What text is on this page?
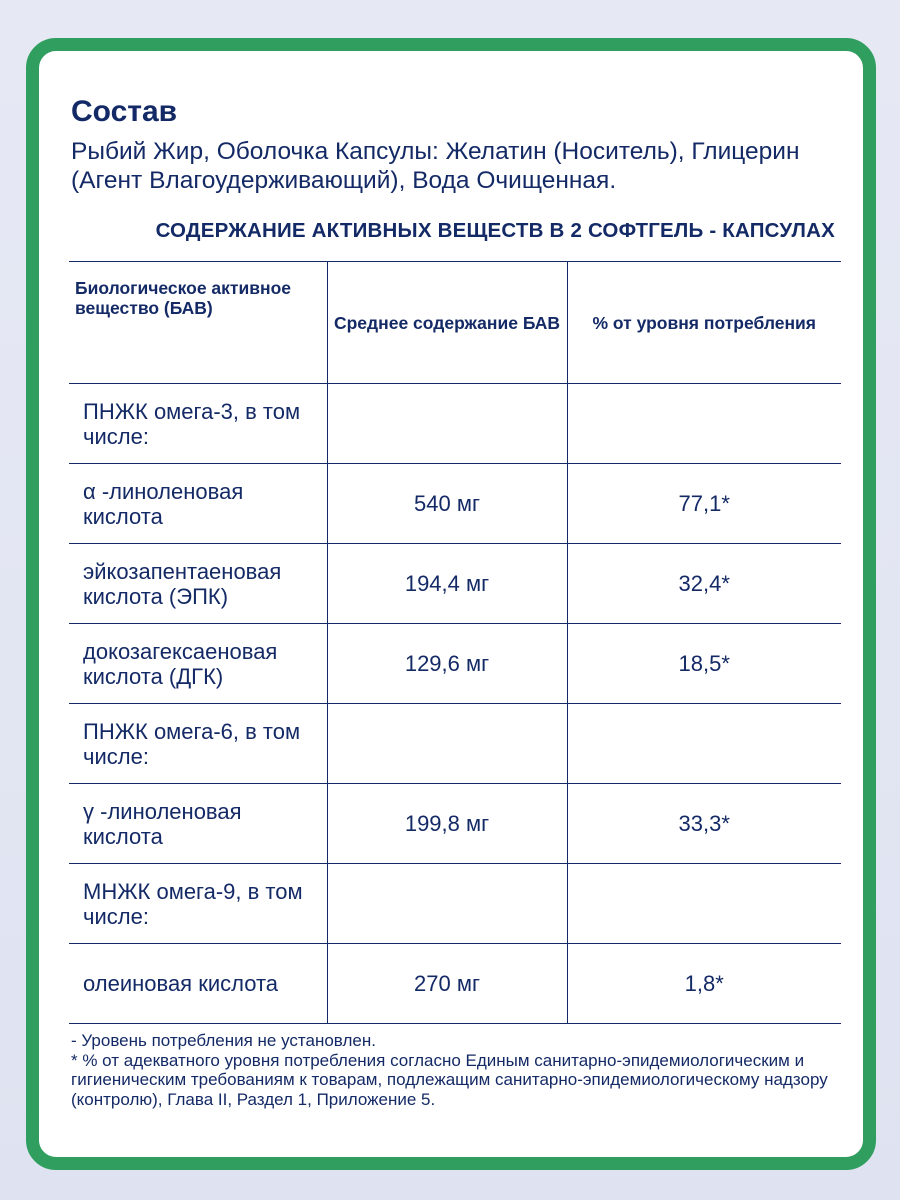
Состав
Рыбий Жир, Оболочка Капсулы: Желатин (Носитель), Глицерин (Агент Влагоудерживающий), Вода Очищенная.
СОДЕРЖАНИЕ АКТИВНЫХ ВЕЩЕСТВ В 2 СОФТГЕЛЬ - КАПСУЛАХ
Биологическое активное вещество (БАВ)	Среднее содержание БАВ	% от уровня потребления
ПНЖК омега-3, в том числе:		
α -линоленовая кислота	540 мг	77,1*
эйкозапентаеновая кислота (ЭПК)	194,4 мг	32,4*
докозагексаеновая кислота (ДГК)	129,6 мг	18,5*
ПНЖК омега-6, в том числе:		
γ -линоленовая кислота	199,8 мг	33,3*
МНЖК омега-9, в том числе:		
олеиновая кислота	270 мг	1,8*
- Уровень потребления не установлен.
* % от адекватного уровня потребления согласно Единым санитарно-эпидемиологическим и гигиеническим требованиям к товарам, подлежащим санитарно-эпидемиологическому надзору (контролю), Глава II, Раздел 1, Приложение 5.
